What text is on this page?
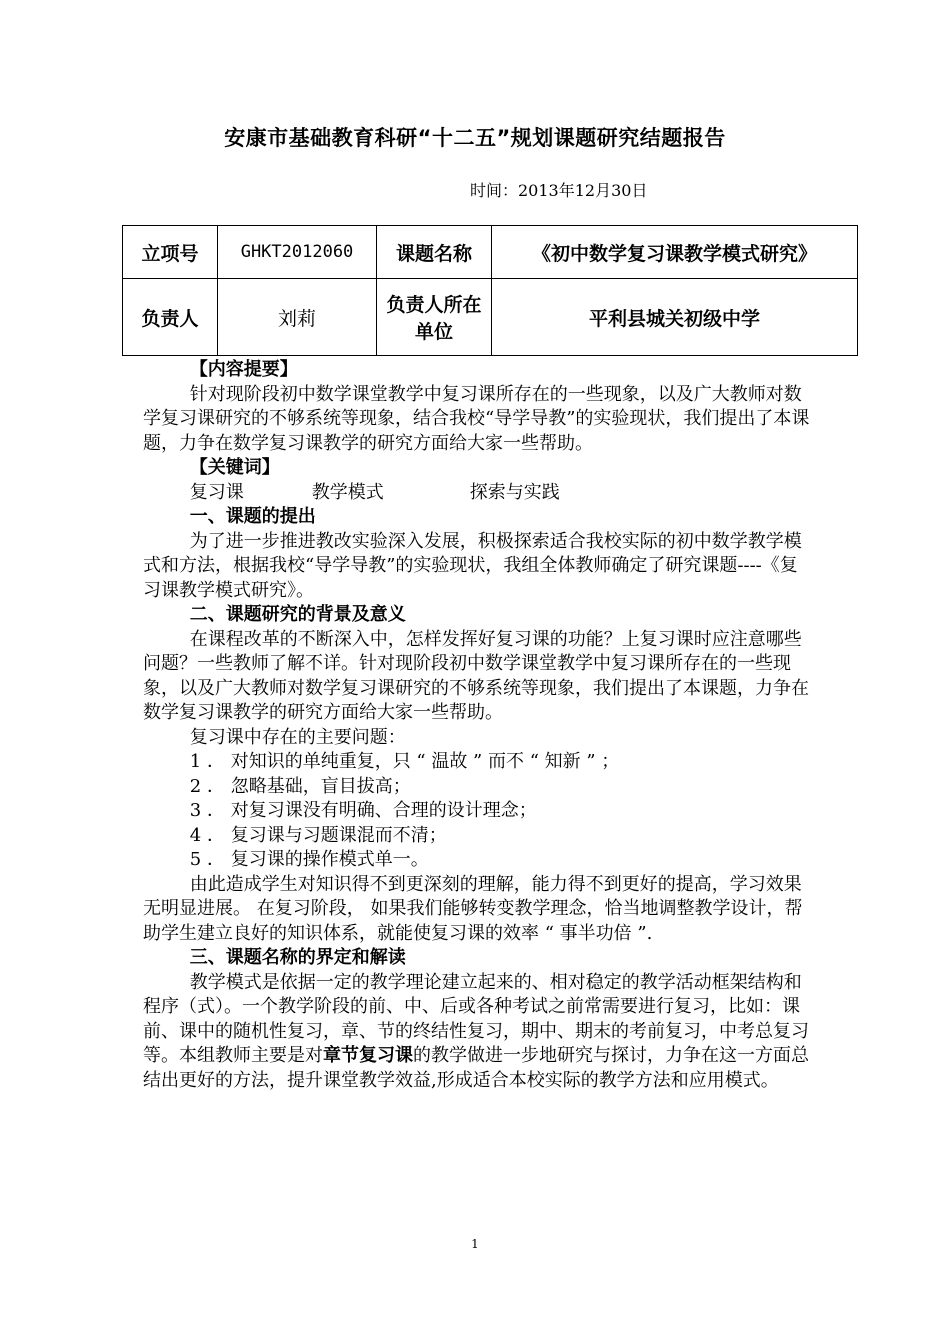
安康市基础教育科研“十二五”规划课题研究结题报告
时间：2013年12月30日
立项号	GHKT2012060	课题名称	《初中数学复习课教学模式研究》
负责人	刘莉	负责人所在单位	平利县城关初级中学

【内容提要】

针对现阶段初中数学课堂教学中复习课所存在的一些现象，以及广大教师对数学复习课研究的不够系统等现象，结合我校“导学导教”的实验现状，我们提出了本课题，力争在数学复习课教学的研究方面给大家一些帮助。

【关键词】

复习课	教学模式	探索与实践

一、课题的提出

为了进一步推进教改实验深入发展，积极探索适合我校实际的初中数学教学模式和方法，根据我校“导学导教”的实验现状，我组全体教师确定了研究课题----《复习课教学模式研究》。

二、课题研究的背景及意义

在课程改革的不断深入中，怎样发挥好复习课的功能？上复习课时应注意哪些问题？一些教师了解不详。针对现阶段初中数学课堂教学中复习课所存在的一些现象，以及广大教师对数学复习课研究的不够系统等现象，我们提出了本课题，力争在数学复习课教学的研究方面给大家一些帮助。

复习课中存在的主要问题：

1 ． 对知识的单纯重复，只 “ 温故 ” 而不 “ 知新 ” ；

2 ． 忽略基础，盲目拔高；

3 ． 对复习课没有明确、合理的设计理念；

4 ． 复习课与习题课混而不清；

5 ． 复习课的操作模式单一。

由此造成学生对知识得不到更深刻的理解，能力得不到更好的提高，学习效果无明显进展。 在复习阶段， 如果我们能够转变教学理念，恰当地调整教学设计，帮助学生建立良好的知识体系，就能使复习课的效率 “ 事半功倍 ”.

三、课题名称的界定和解读

教学模式是依据一定的教学理论建立起来的、相对稳定的教学活动框架结构和程序（式）。一个教学阶段的前、中、后或各种考试之前常需要进行复习，比如：课前、课中的随机性复习，章、节的终结性复习，期中、期末的考前复习，中考总复习等。本组教师主要是对章节复习课的教学做进一步地研究与探讨，力争在这一方面总结出更好的方法，提升课堂教学效益,形成适合本校实际的教学方法和应用模式。

1
